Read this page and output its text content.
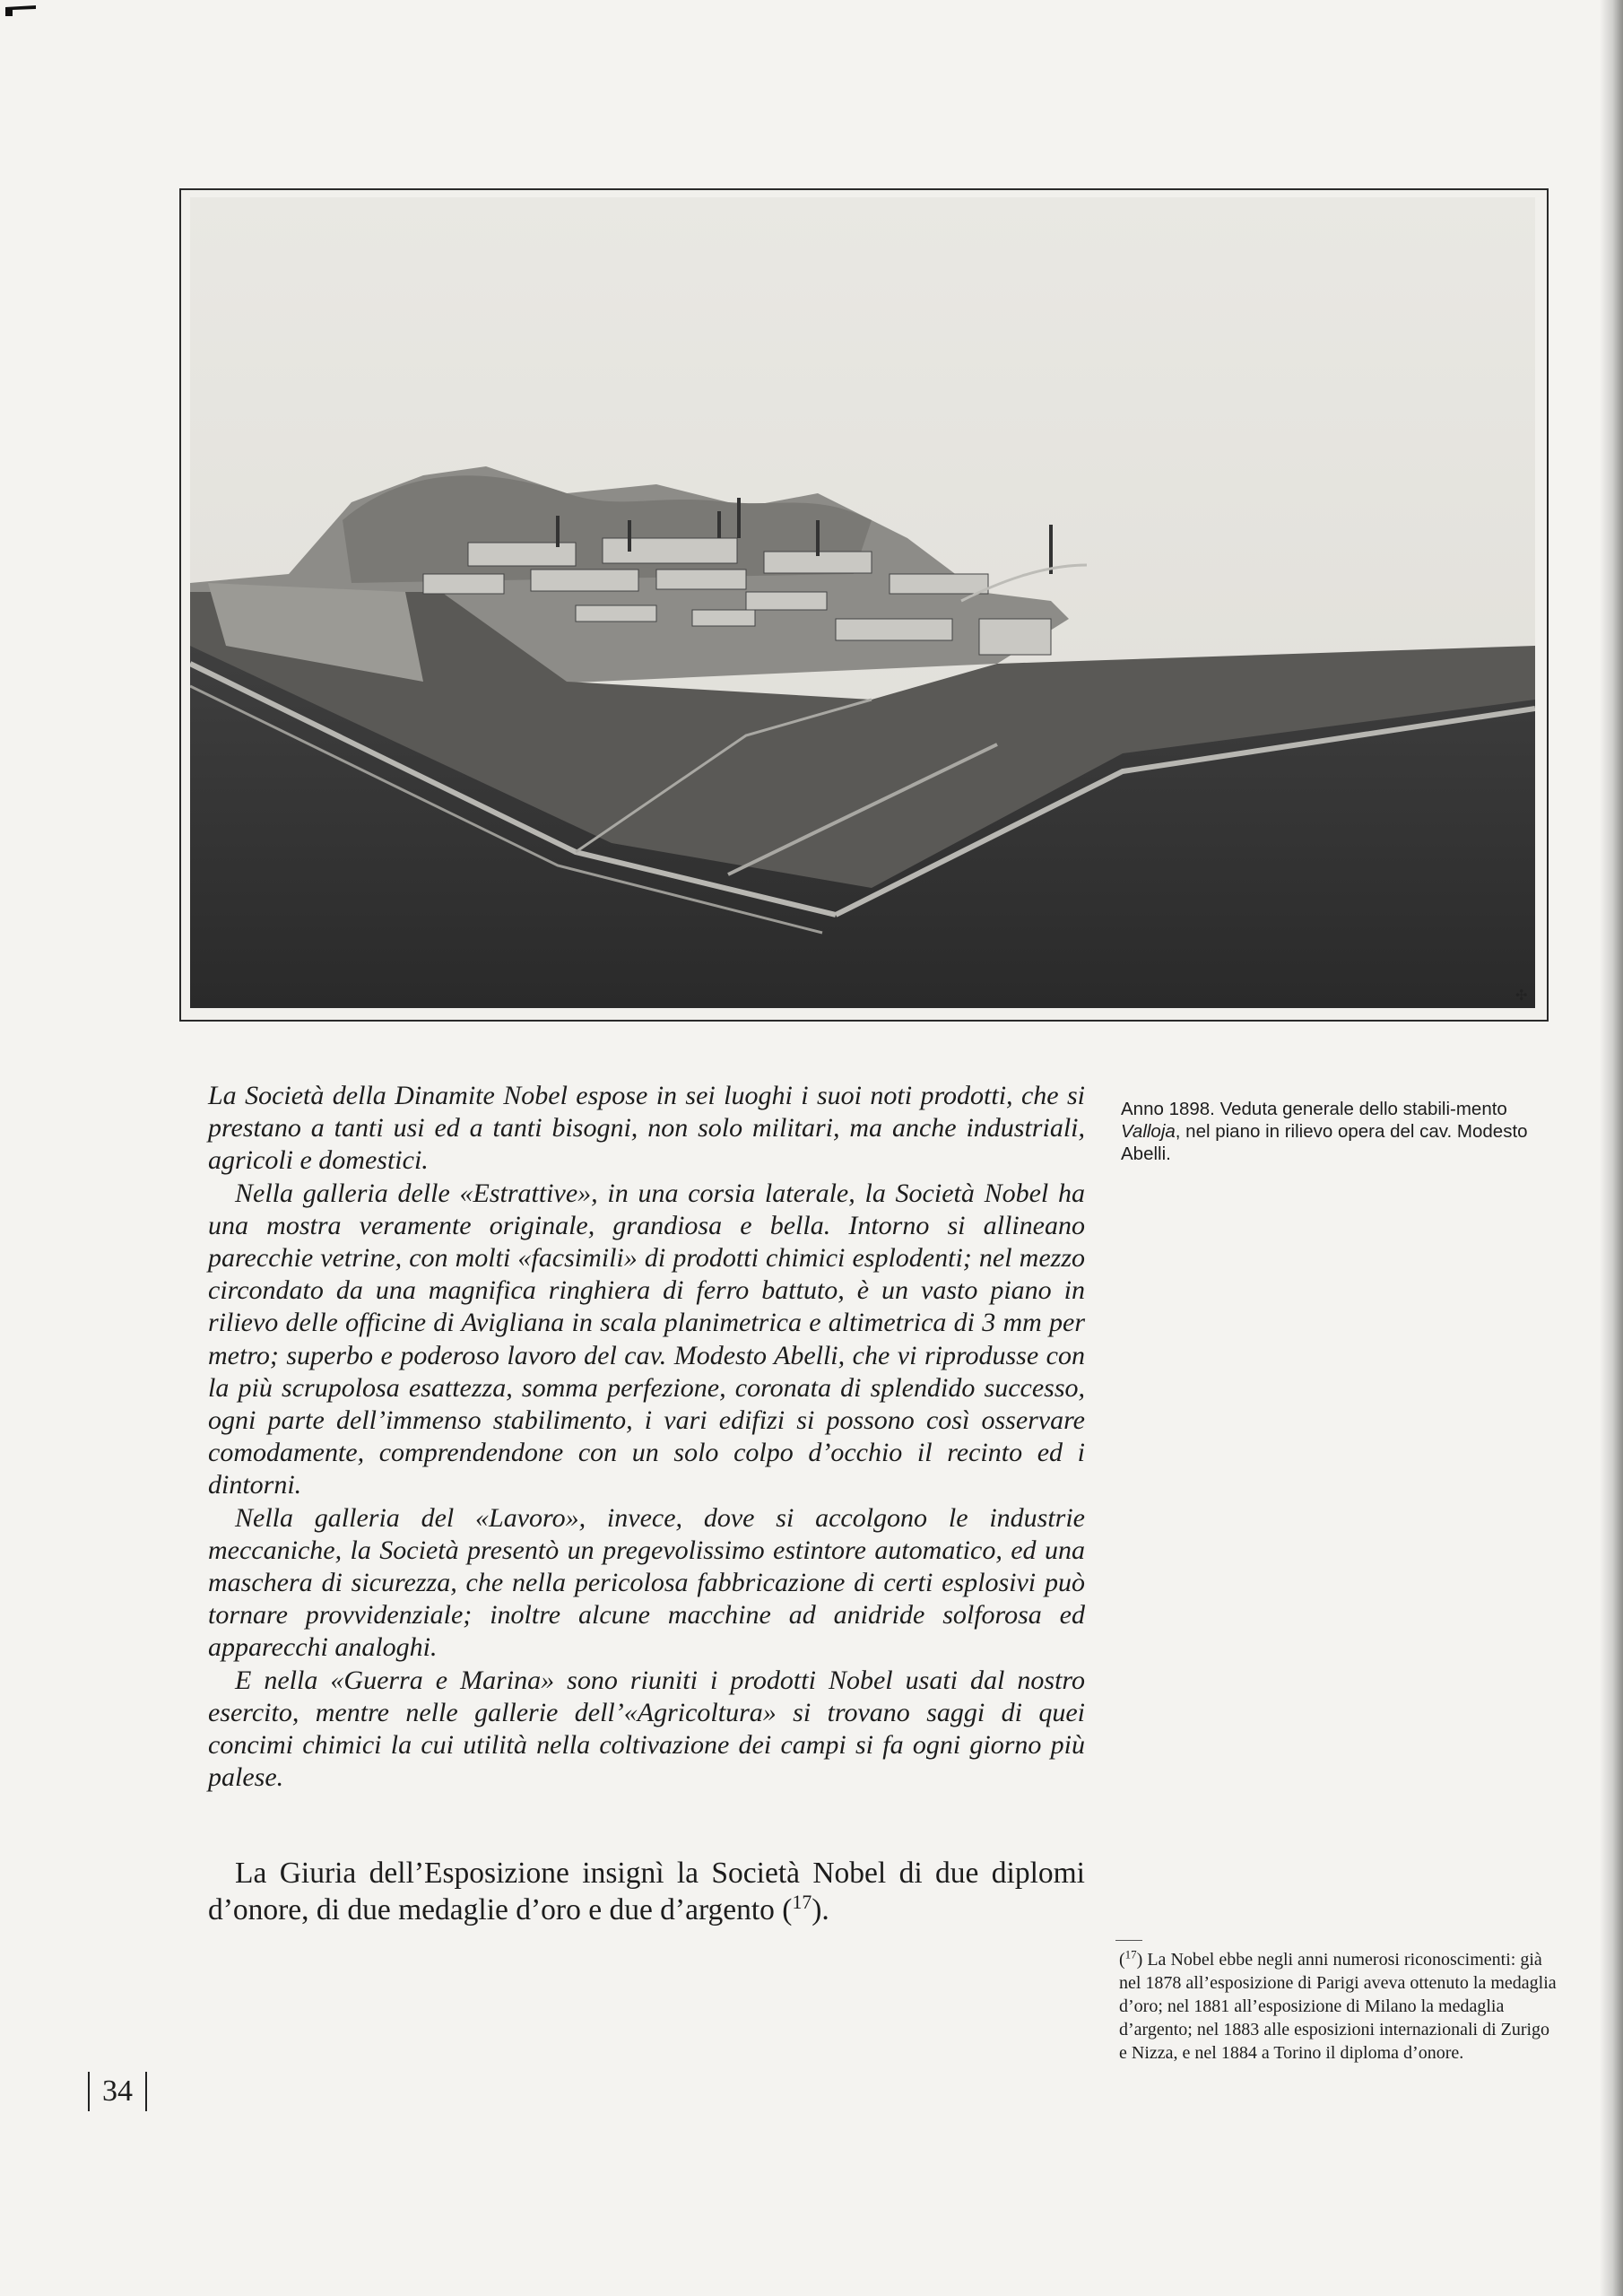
✣

La Società della Dinamite Nobel espose in sei luoghi i suoi noti prodotti, che si prestano a tanti usi ed a tanti bisogni, non solo militari, ma anche industriali, agricoli e domestici.

Nella galleria delle «Estrattive», in una corsia laterale, la Società Nobel ha una mostra veramente originale, grandiosa e bella. Intorno si allineano parecchie vetrine, con molti «facsimili» di prodotti chimici esplodenti; nel mezzo circondato da una magnifica ringhiera di ferro battuto, è un vasto piano in rilievo delle officine di Avigliana in scala planimetrica e altimetrica di 3 mm per metro; superbo e poderoso lavoro del cav. Modesto Abelli, che vi riprodusse con la più scrupolosa esattezza, somma perfezione, coronata di splendido successo, ogni parte dell’immenso stabilimento, i vari edifizi si possono così osservare comodamente, comprendendone con un solo colpo d’occhio il recinto ed i dintorni.

Nella galleria del «Lavoro», invece, dove si accolgono le industrie meccaniche, la Società presentò un pregevolissimo estintore automatico, ed una maschera di sicurezza, che nella pericolosa fabbricazione di certi esplosivi può tornare provvidenziale; inoltre alcune macchine ad anidride solforosa ed apparecchi analoghi.

E nella «Guerra e Marina» sono riuniti i prodotti Nobel usati dal nostro esercito, mentre nelle gallerie dell’«Agricoltura» si trovano saggi di quei concimi chimici la cui utilità nella coltivazione dei campi si fa ogni giorno più palese.

La Giuria dell’Esposizione insignì la Società Nobel di due diplomi d’onore, di due medaglie d’oro e due d’argento ($^{17}$).

Anno 1898. Veduta generale dello stabili-mento Valloja, nel piano in rilievo opera del cav. Modesto Abelli.

($^{17}$) La Nobel ebbe negli anni numerosi riconoscimenti: già nel 1878 all’esposizione di Parigi aveva ottenuto la medaglia d’oro; nel 1881 all’esposizione di Milano la medaglia d’argento; nel 1883 alle esposizioni internazionali di Zurigo e Nizza, e nel 1884 a Torino il diploma d’onore.

34
